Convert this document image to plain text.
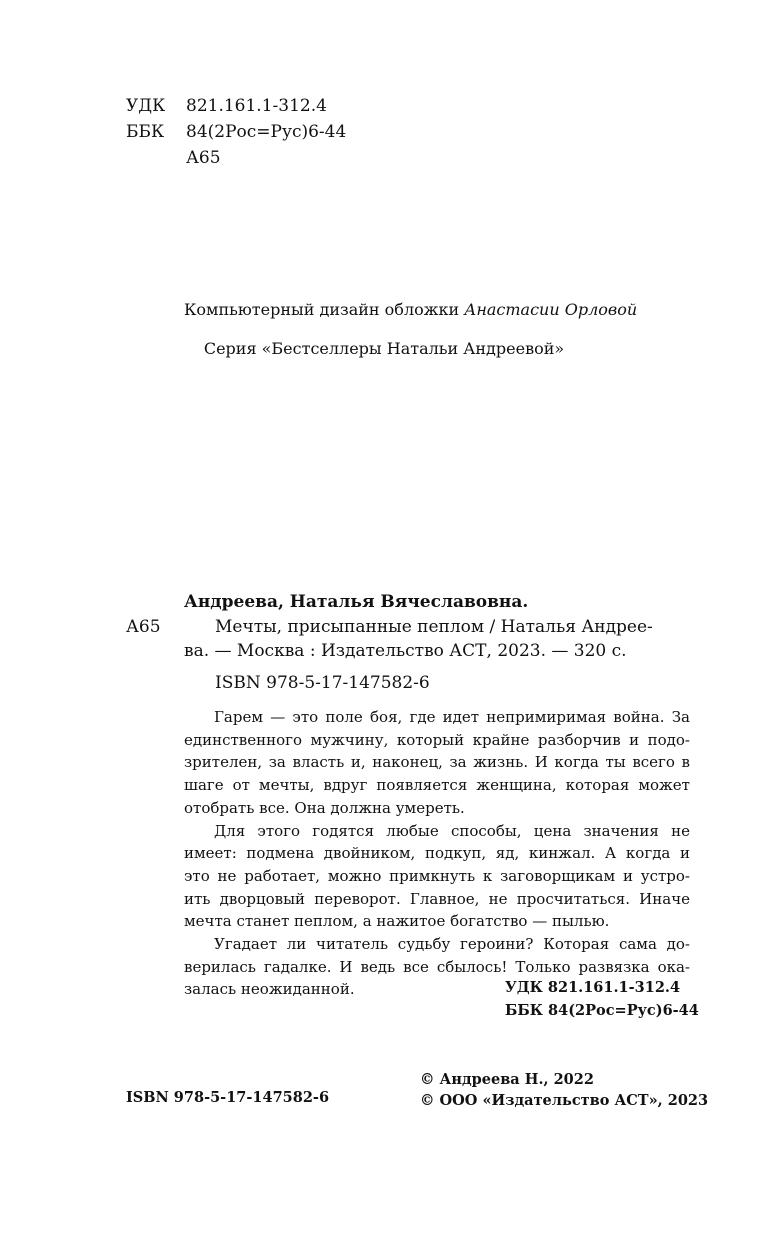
УДК 821.161.1-312.4
ББК 84(2Рос=Рус)6-44
А65
Компьютерный дизайн обложки Анастасии Орловой
Серия «Бестселлеры Натальи Андреевой»
Андреева, Наталья Вячеславовна.
А65	Мечты, присыпанные пеплом / Наталья Андрее-
ва. — Москва : Издательство АСТ, 2023. — 320 с.
ISBN 978-5-17-147582-6

Гарем — это поле боя, где идет непримиримая война. За

единственного мужчину, который крайне разборчив и подо-

зрителен, за власть и, наконец, за жизнь. И когда ты всего в

шаге от мечты, вдруг появляется женщина, которая может

отобрать все. Она должна умереть.

Для этого годятся любые способы, цена значения не

имеет: подмена двойником, подкуп, яд, кинжал. А когда и

это не работает, можно примкнуть к заговорщикам и устро-

ить дворцовый переворот. Главное, не просчитаться. Иначе

мечта станет пеплом, а нажитое богатство — пылью.

Угадает ли читатель судьбу героини? Которая сама до-

верилась гадалке. И ведь все сбылось! Только развязка ока-

залась неожиданной.	УДК 821.161.1-312.4
ББК 84(2Рос=Рус)6-44
ISBN 978-5-17-147582-6
© Андреева Н., 2022
© ООО «Издательство АСТ», 2023
